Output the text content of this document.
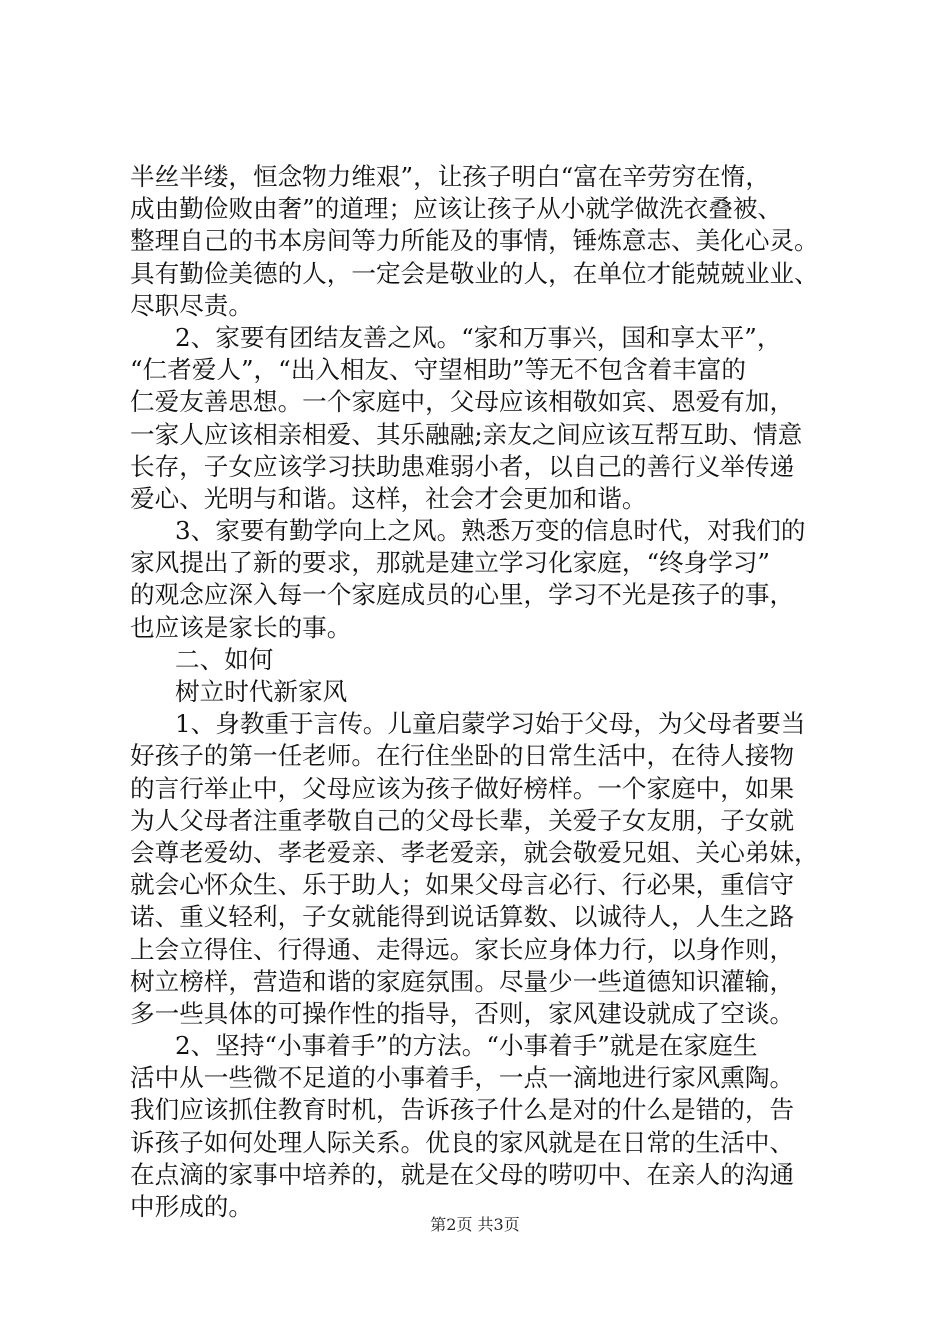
半丝半缕，恒念物力维艰”，让孩子明白“富在辛劳穷在惰，
成由勤俭败由奢”的道理；应该让孩子从小就学做洗衣叠被、
整理自己的书本房间等力所能及的事情，锤炼意志、美化心灵。
具有勤俭美德的人，一定会是敬业的人，在单位才能兢兢业业、
尽职尽责。
2、家要有团结友善之风。“家和万事兴，国和享太平”，
“仁者爱人”，“出入相友、守望相助”等无不包含着丰富的
仁爱友善思想。一个家庭中，父母应该相敬如宾、恩爱有加，
一家人应该相亲相爱、其乐融融;亲友之间应该互帮互助、情意
长存，子女应该学习扶助患难弱小者，以自己的善行义举传递
爱心、光明与和谐。这样，社会才会更加和谐。
3、家要有勤学向上之风。熟悉万变的信息时代，对我们的
家风提出了新的要求，那就是建立学习化家庭，“终身学习”
的观念应深入每一个家庭成员的心里，学习不光是孩子的事，
也应该是家长的事。
二、如何
树立时代新家风
1、身教重于言传。儿童启蒙学习始于父母，为父母者要当
好孩子的第一任老师。在行住坐卧的日常生活中，在待人接物
的言行举止中，父母应该为孩子做好榜样。一个家庭中，如果
为人父母者注重孝敬自己的父母长辈，关爱子女友朋，子女就
会尊老爱幼、孝老爱亲、孝老爱亲，就会敬爱兄姐、关心弟妹，
就会心怀众生、乐于助人；如果父母言必行、行必果，重信守
诺、重义轻利，子女就能得到说话算数、以诚待人，人生之路
上会立得住、行得通、走得远。家长应身体力行，以身作则，
树立榜样，营造和谐的家庭氛围。尽量少一些道德知识灌输，
多一些具体的可操作性的指导，否则，家风建设就成了空谈。
2、坚持“小事着手”的方法。“小事着手”就是在家庭生
活中从一些微不足道的小事着手，一点一滴地进行家风熏陶。
我们应该抓住教育时机，告诉孩子什么是对的什么是错的，告
诉孩子如何处理人际关系。优良的家风就是在日常的生活中、
在点滴的家事中培养的，就是在父母的唠叨中、在亲人的沟通
中形成的。
第2页 共3页
